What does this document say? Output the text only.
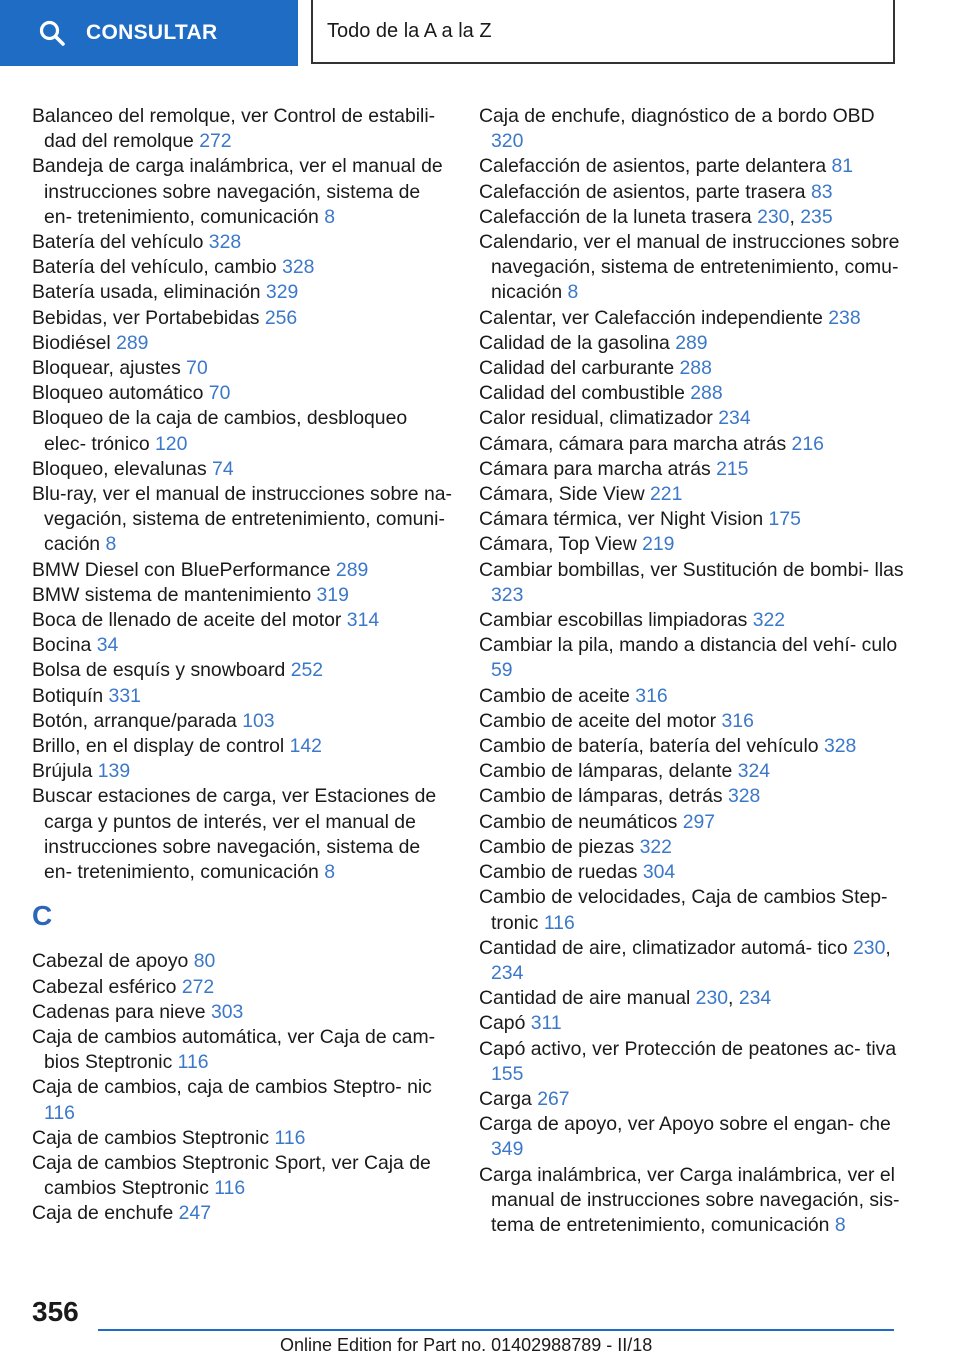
CONSULTAR	Todo de la A a la Z

Balanceo del remolque, ver Control de estabili- dad del remolque 272

Bandeja de carga inalámbrica, ver el manual de instrucciones sobre navegación, sistema de en- tretenimiento, comunicación 8

Batería del vehículo 328

Batería del vehículo, cambio 328

Batería usada, eliminación 329

Bebidas, ver Portabebidas 256

Biodiésel 289

Bloquear, ajustes 70

Bloqueo automático 70

Bloqueo de la caja de cambios, desbloqueo elec- trónico 120

Bloqueo, elevalunas 74

Blu-ray, ver el manual de instrucciones sobre na- vegación, sistema de entretenimiento, comuni- cación 8

BMW Diesel con BluePerformance 289

BMW sistema de mantenimiento 319

Boca de llenado de aceite del motor 314

Bocina 34

Bolsa de esquís y snowboard 252

Botiquín 331

Botón, arranque/parada 103

Brillo, en el display de control 142

Brújula 139

Buscar estaciones de carga, ver Estaciones de carga y puntos de interés, ver el manual de instrucciones sobre navegación, sistema de en- tretenimiento, comunicación 8

C

Cabezal de apoyo 80

Cabezal esférico 272

Cadenas para nieve 303

Caja de cambios automática, ver Caja de cam- bios Steptronic 116

Caja de cambios, caja de cambios Steptro- nic 116

Caja de cambios Steptronic 116

Caja de cambios Steptronic Sport, ver Caja de cambios Steptronic 116

Caja de enchufe 247

Caja de enchufe, diagnóstico de a bordo OBD 320

Calefacción de asientos, parte delantera 81

Calefacción de asientos, parte trasera 83

Calefacción de la luneta trasera 230, 235

Calendario, ver el manual de instrucciones sobre navegación, sistema de entretenimiento, comu- nicación 8

Calentar, ver Calefacción independiente 238

Calidad de la gasolina 289

Calidad del carburante 288

Calidad del combustible 288

Calor residual, climatizador 234

Cámara, cámara para marcha atrás 216

Cámara para marcha atrás 215

Cámara, Side View 221

Cámara térmica, ver Night Vision 175

Cámara, Top View 219

Cambiar bombillas, ver Sustitución de bombi- llas 323

Cambiar escobillas limpiadoras 322

Cambiar la pila, mando a distancia del vehí- culo 59

Cambio de aceite 316

Cambio de aceite del motor 316

Cambio de batería, batería del vehículo 328

Cambio de lámparas, delante 324

Cambio de lámparas, detrás 328

Cambio de neumáticos 297

Cambio de piezas 322

Cambio de ruedas 304

Cambio de velocidades, Caja de cambios Step- tronic 116

Cantidad de aire, climatizador automá- tico 230, 234

Cantidad de aire manual 230, 234

Capó 311

Capó activo, ver Protección de peatones ac- tiva 155

Carga 267

Carga de apoyo, ver Apoyo sobre el engan- che 349

Carga inalámbrica, ver Carga inalámbrica, ver el manual de instrucciones sobre navegación, sis- tema de entretenimiento, comunicación 8

356
Online Edition for Part no. 01402988789 - II/18
